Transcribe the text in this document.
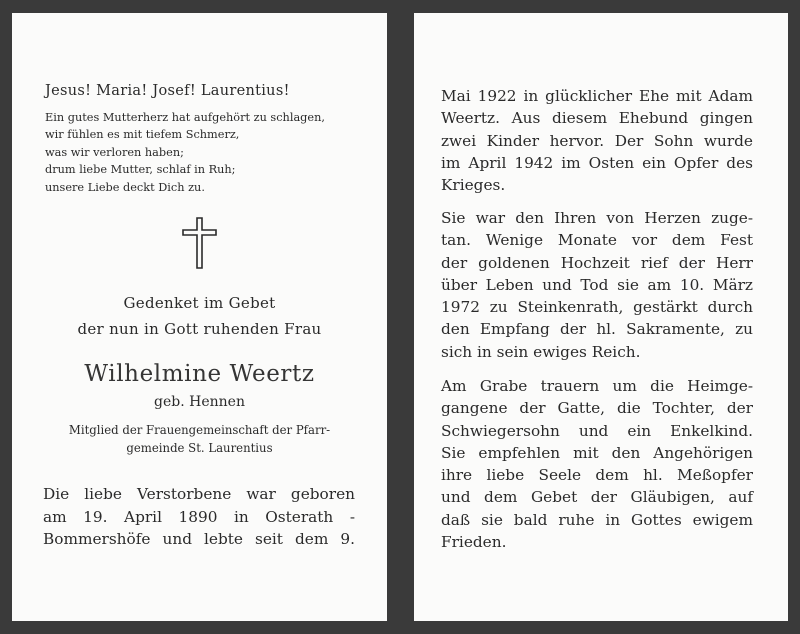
Jesus! Maria! Josef! Laurentius!
Ein gutes Mutterherz hat aufgehört zu schlagen,
wir fühlen es mit tiefem Schmerz,
was wir verloren haben;
drum liebe Mutter, schlaf in Ruh;
unsere Liebe deckt Dich zu.
Gedenket im Gebet
der nun in Gott ruhenden Frau
Wilhelmine Weertz
geb. Hennen
Mitglied der Frauengemeinschaft der Pfarr-
gemeinde St. Laurentius
Die liebe Verstorbene war geboren
am 19. April 1890 in Osterath -
Bommershöfe und lebte seit dem 9.
Mai 1922 in glücklicher Ehe mit Adam
Weertz. Aus diesem Ehebund gingen
zwei Kinder hervor. Der Sohn wurde
im April 1942 im Osten ein Opfer des
Krieges.
Sie war den Ihren von Herzen zuge-
tan. Wenige Monate vor dem Fest
der goldenen Hochzeit rief der Herr
über Leben und Tod sie am 10. März
1972 zu Steinkenrath, gestärkt durch
den Empfang der hl. Sakramente, zu
sich in sein ewiges Reich.
Am Grabe trauern um die Heimge-
gangene der Gatte, die Tochter, der
Schwiegersohn und ein Enkelkind.
Sie empfehlen mit den Angehörigen
ihre liebe Seele dem hl. Meßopfer
und dem Gebet der Gläubigen, auf
daß sie bald ruhe in Gottes ewigem
Frieden.
